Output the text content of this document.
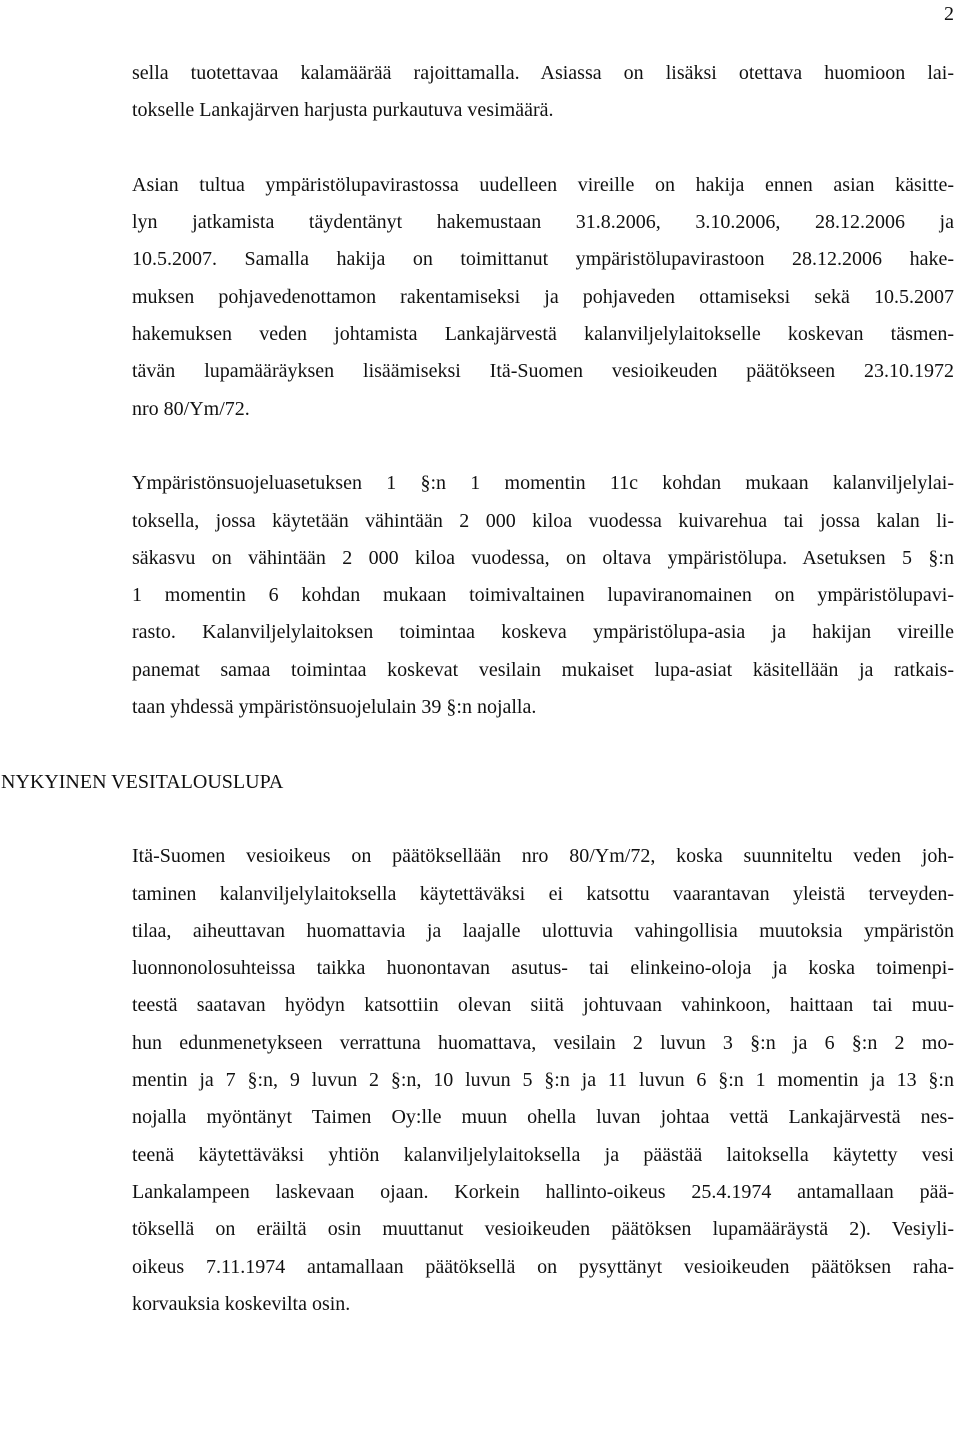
2
sella tuotettavaa kalamäärää rajoittamalla. Asiassa on lisäksi otettava huomioon lai-
tokselle Lankajärven harjusta purkautuva vesimäärä.
Asian tultua ympäristölupavirastossa uudelleen vireille on hakija ennen asian käsitte-
lyn jatkamista täydentänyt hakemustaan 31.8.2006, 3.10.2006, 28.12.2006 ja
10.5.2007. Samalla hakija on toimittanut ympäristölupavirastoon 28.12.2006 hake-
muksen pohjavedenottamon rakentamiseksi ja pohjaveden ottamiseksi sekä 10.5.2007
hakemuksen veden johtamista Lankajärvestä kalanviljelylaitokselle koskevan täsmen-
tävän lupamääräyksen lisäämiseksi Itä-Suomen vesioikeuden päätökseen 23.10.1972
nro 80/Ym/72.
Ympäristönsuojeluasetuksen 1 §:n 1 momentin 11c kohdan mukaan kalanviljelylai-
toksella, jossa käytetään vähintään 2 000 kiloa vuodessa kuivarehua tai jossa kalan li-
säkasvu on vähintään 2 000 kiloa vuodessa, on oltava ympäristölupa. Asetuksen 5 §:n
1 momentin 6 kohdan mukaan toimivaltainen lupaviranomainen on ympäristölupavi-
rasto. Kalanviljelylaitoksen toimintaa koskeva ympäristölupa-asia ja hakijan vireille
panemat samaa toimintaa koskevat vesilain mukaiset lupa-asiat käsitellään ja ratkais-
taan yhdessä ympäristönsuojelulain 39 §:n nojalla.
NYKYINEN VESITALOUSLUPA
Itä-Suomen vesioikeus on päätöksellään nro 80/Ym/72, koska suunniteltu veden joh-
taminen kalanviljelylaitoksella käytettäväksi ei katsottu vaarantavan yleistä terveyden-
tilaa, aiheuttavan huomattavia ja laajalle ulottuvia vahingollisia muutoksia ympäristön
luonnonolosuhteissa taikka huonontavan asutus- tai elinkeino-oloja ja koska toimenpi-
teestä saatavan hyödyn katsottiin olevan siitä johtuvaan vahinkoon, haittaan tai muu-
hun edunmenetykseen verrattuna huomattava, vesilain 2 luvun 3 §:n ja 6 §:n 2 mo-
mentin ja 7 §:n, 9 luvun 2 §:n, 10 luvun 5 §:n ja 11 luvun 6 §:n 1 momentin ja 13 §:n
nojalla myöntänyt Taimen Oy:lle muun ohella luvan johtaa vettä Lankajärvestä nes-
teenä käytettäväksi yhtiön kalanviljelylaitoksella ja päästää laitoksella käytetty vesi
Lankalampeen laskevaan ojaan. Korkein hallinto-oikeus 25.4.1974 antamallaan pää-
töksellä on eräiltä osin muuttanut vesioikeuden päätöksen lupamääräystä 2). Vesiyli-
oikeus 7.11.1974 antamallaan päätöksellä on pysyttänyt vesioikeuden päätöksen raha-
korvauksia koskevilta osin.
